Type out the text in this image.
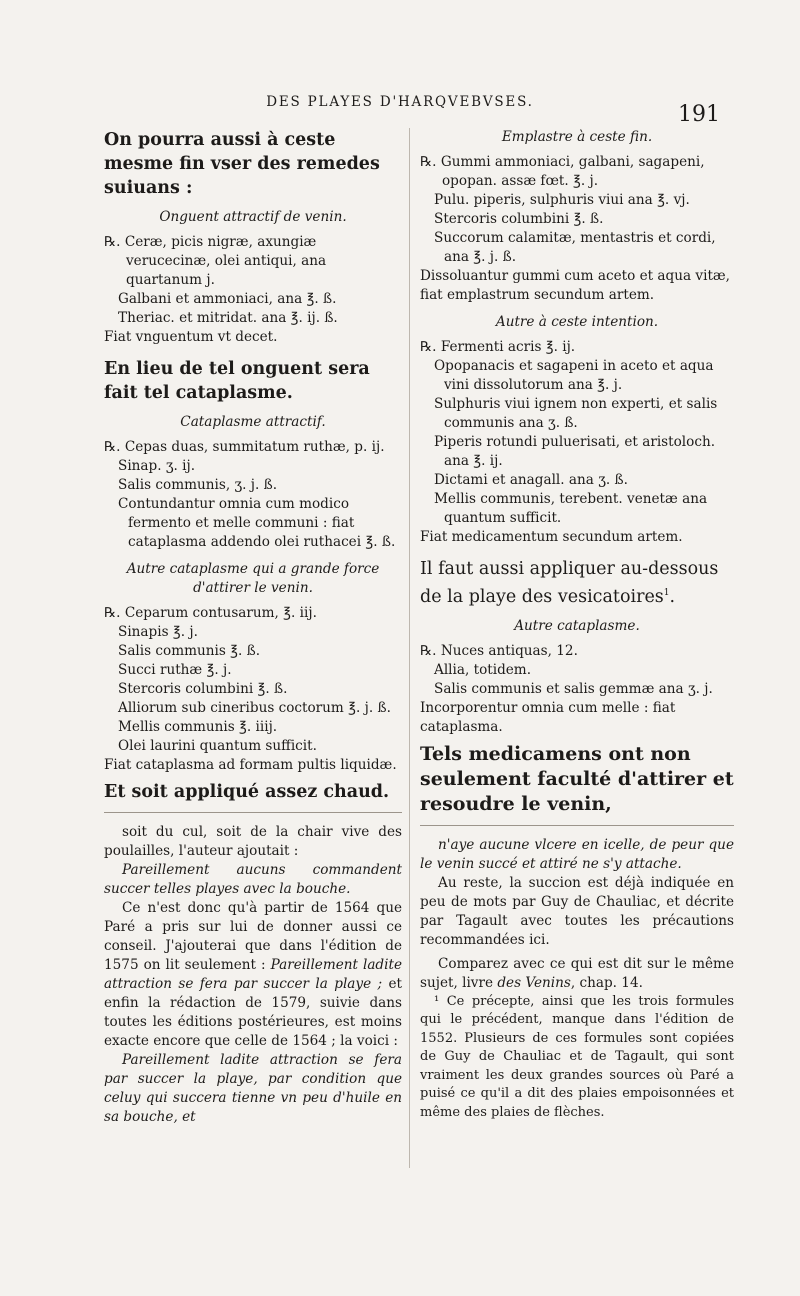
DES PLAYES D'HARQVEBVSES.	191

On pourra aussi à ceste mesme fin vser des remedes suiuans :

Onguent attractif de venin.

℞. Ceræ, picis nigræ, axungiæ verucecinæ, olei antiqui, ana quartanum j.

Galbani et ammoniaci, ana ℥. ß.

Theriac. et mitridat. ana ℥. ij. ß.

Fiat vnguentum vt decet.

En lieu de tel onguent sera fait tel cataplasme.

Cataplasme attractif.

℞. Cepas duas, summitatum ruthæ, p. ij.

Sinap. ʒ. ij.

Salis communis, ʒ. j. ß.

Contundantur omnia cum modico fermento et melle communi : fiat cataplasma addendo olei ruthacei ℥. ß.

Autre cataplasme qui a grande force d'attirer le venin.

℞. Ceparum contusarum, ℥. iij.

Sinapis ℥. j.

Salis communis ℥. ß.

Succi ruthæ ℥. j.

Stercoris columbini ℥. ß.

Alliorum sub cineribus coctorum ℥. j. ß.

Mellis communis ℥. iiij.

Olei laurini quantum sufficit.

Fiat cataplasma ad formam pultis liquidæ.

Et soit appliqué assez chaud.

soit du cul, soit de la chair vive des poulailles, l'auteur ajoutait :

Pareillement aucuns commandent succer telles playes avec la bouche.

Ce n'est donc qu'à partir de 1564 que Paré a pris sur lui de donner aussi ce conseil. J'ajouterai que dans l'édition de 1575 on lit seulement : Pareillement ladite attraction se fera par succer la playe ; et enfin la rédaction de 1579, suivie dans toutes les éditions postérieures, est moins exacte encore que celle de 1564 ; la voici :

Pareillement ladite attraction se fera par succer la playe, par condition que celuy qui succera tienne vn peu d'huile en sa bouche, et

Emplastre à ceste fin.

℞. Gummi ammoniaci, galbani, sagapeni, opopan. assæ fœt. ℥. j.

Pulu. piperis, sulphuris viui ana ℥. vj.

Stercoris columbini ℥. ß.

Succorum calamitæ, mentastris et cordi, ana ℥. j. ß.

Dissoluantur gummi cum aceto et aqua vitæ, fiat emplastrum secundum artem.

Autre à ceste intention.

℞. Fermenti acris ℥. ij.

Opopanacis et sagapeni in aceto et aqua vini dissolutorum ana ℥. j.

Sulphuris viui ignem non experti, et salis communis ana ʒ. ß.

Piperis rotundi puluerisati, et aristoloch. ana ℥. ij.

Dictami et anagall. ana ʒ. ß.

Mellis communis, terebent. venetæ ana quantum sufficit.

Fiat medicamentum secundum artem.

Il faut aussi appliquer au-dessous de la playe des vesicatoires$^1$.

Autre cataplasme.

℞. Nuces antiquas, 12.

Allia, totidem.

Salis communis et salis gemmæ ana ʒ. j.

Incorporentur omnia cum melle : fiat cataplasma.

Tels medicamens ont non seulement faculté d'attirer et resoudre le venin,

n'aye aucune vlcere en icelle, de peur que le venin succé et attiré ne s'y attache.

Au reste, la succion est déjà indiquée en peu de mots par Guy de Chauliac, et décrite par Tagault avec toutes les précautions recommandées ici.

Comparez avec ce qui est dit sur le même sujet, livre des Venins, chap. 14.

¹ Ce précepte, ainsi que les trois formules qui le précédent, manque dans l'édition de 1552. Plusieurs de ces formules sont copiées de Guy de Chauliac et de Tagault, qui sont vraiment les deux grandes sources où Paré a puisé ce qu'il a dit des plaies empoisonnées et même des plaies de flèches.
